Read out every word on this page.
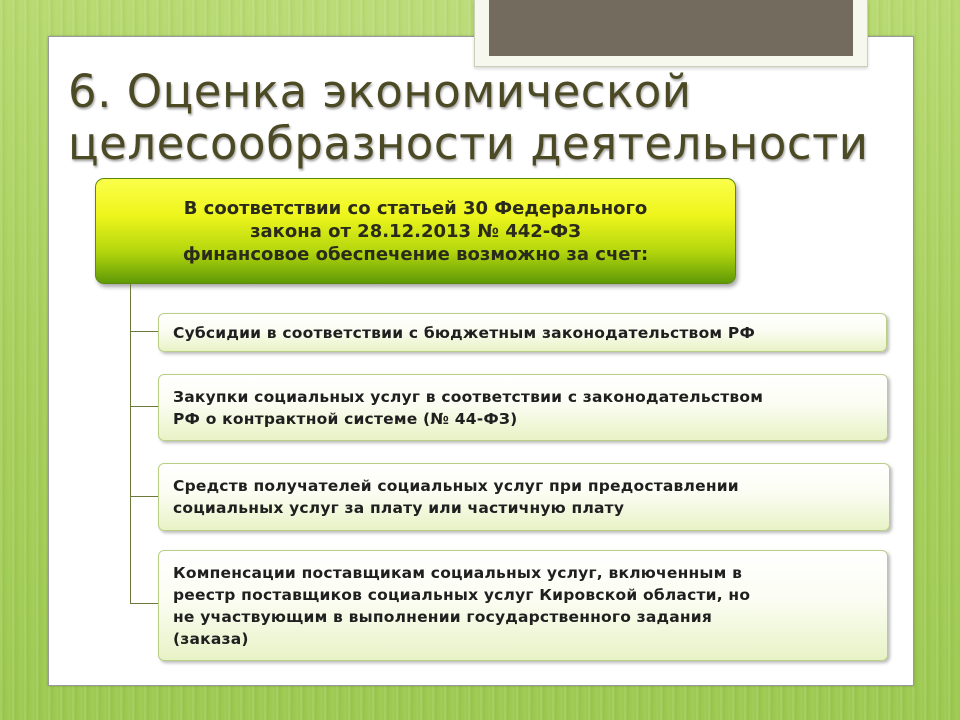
6. Оценка экономической целесообразности деятельности
В соответствии со статьей 30 Федерального
закона от 28.12.2013 № 442-ФЗ
финансовое обеспечение возможно за счет:
Субсидии в соответствии с бюджетным законодательством РФ
Закупки социальных услуг в соответствии с законодательством
РФ о контрактной системе (№ 44-ФЗ)
Средств получателей социальных услуг при предоставлении
социальных услуг за плату или частичную плату
Компенсации поставщикам социальных услуг, включенным в
реестр поставщиков социальных услуг Кировской области, но
не участвующим в выполнении государственного задания
(заказа)
